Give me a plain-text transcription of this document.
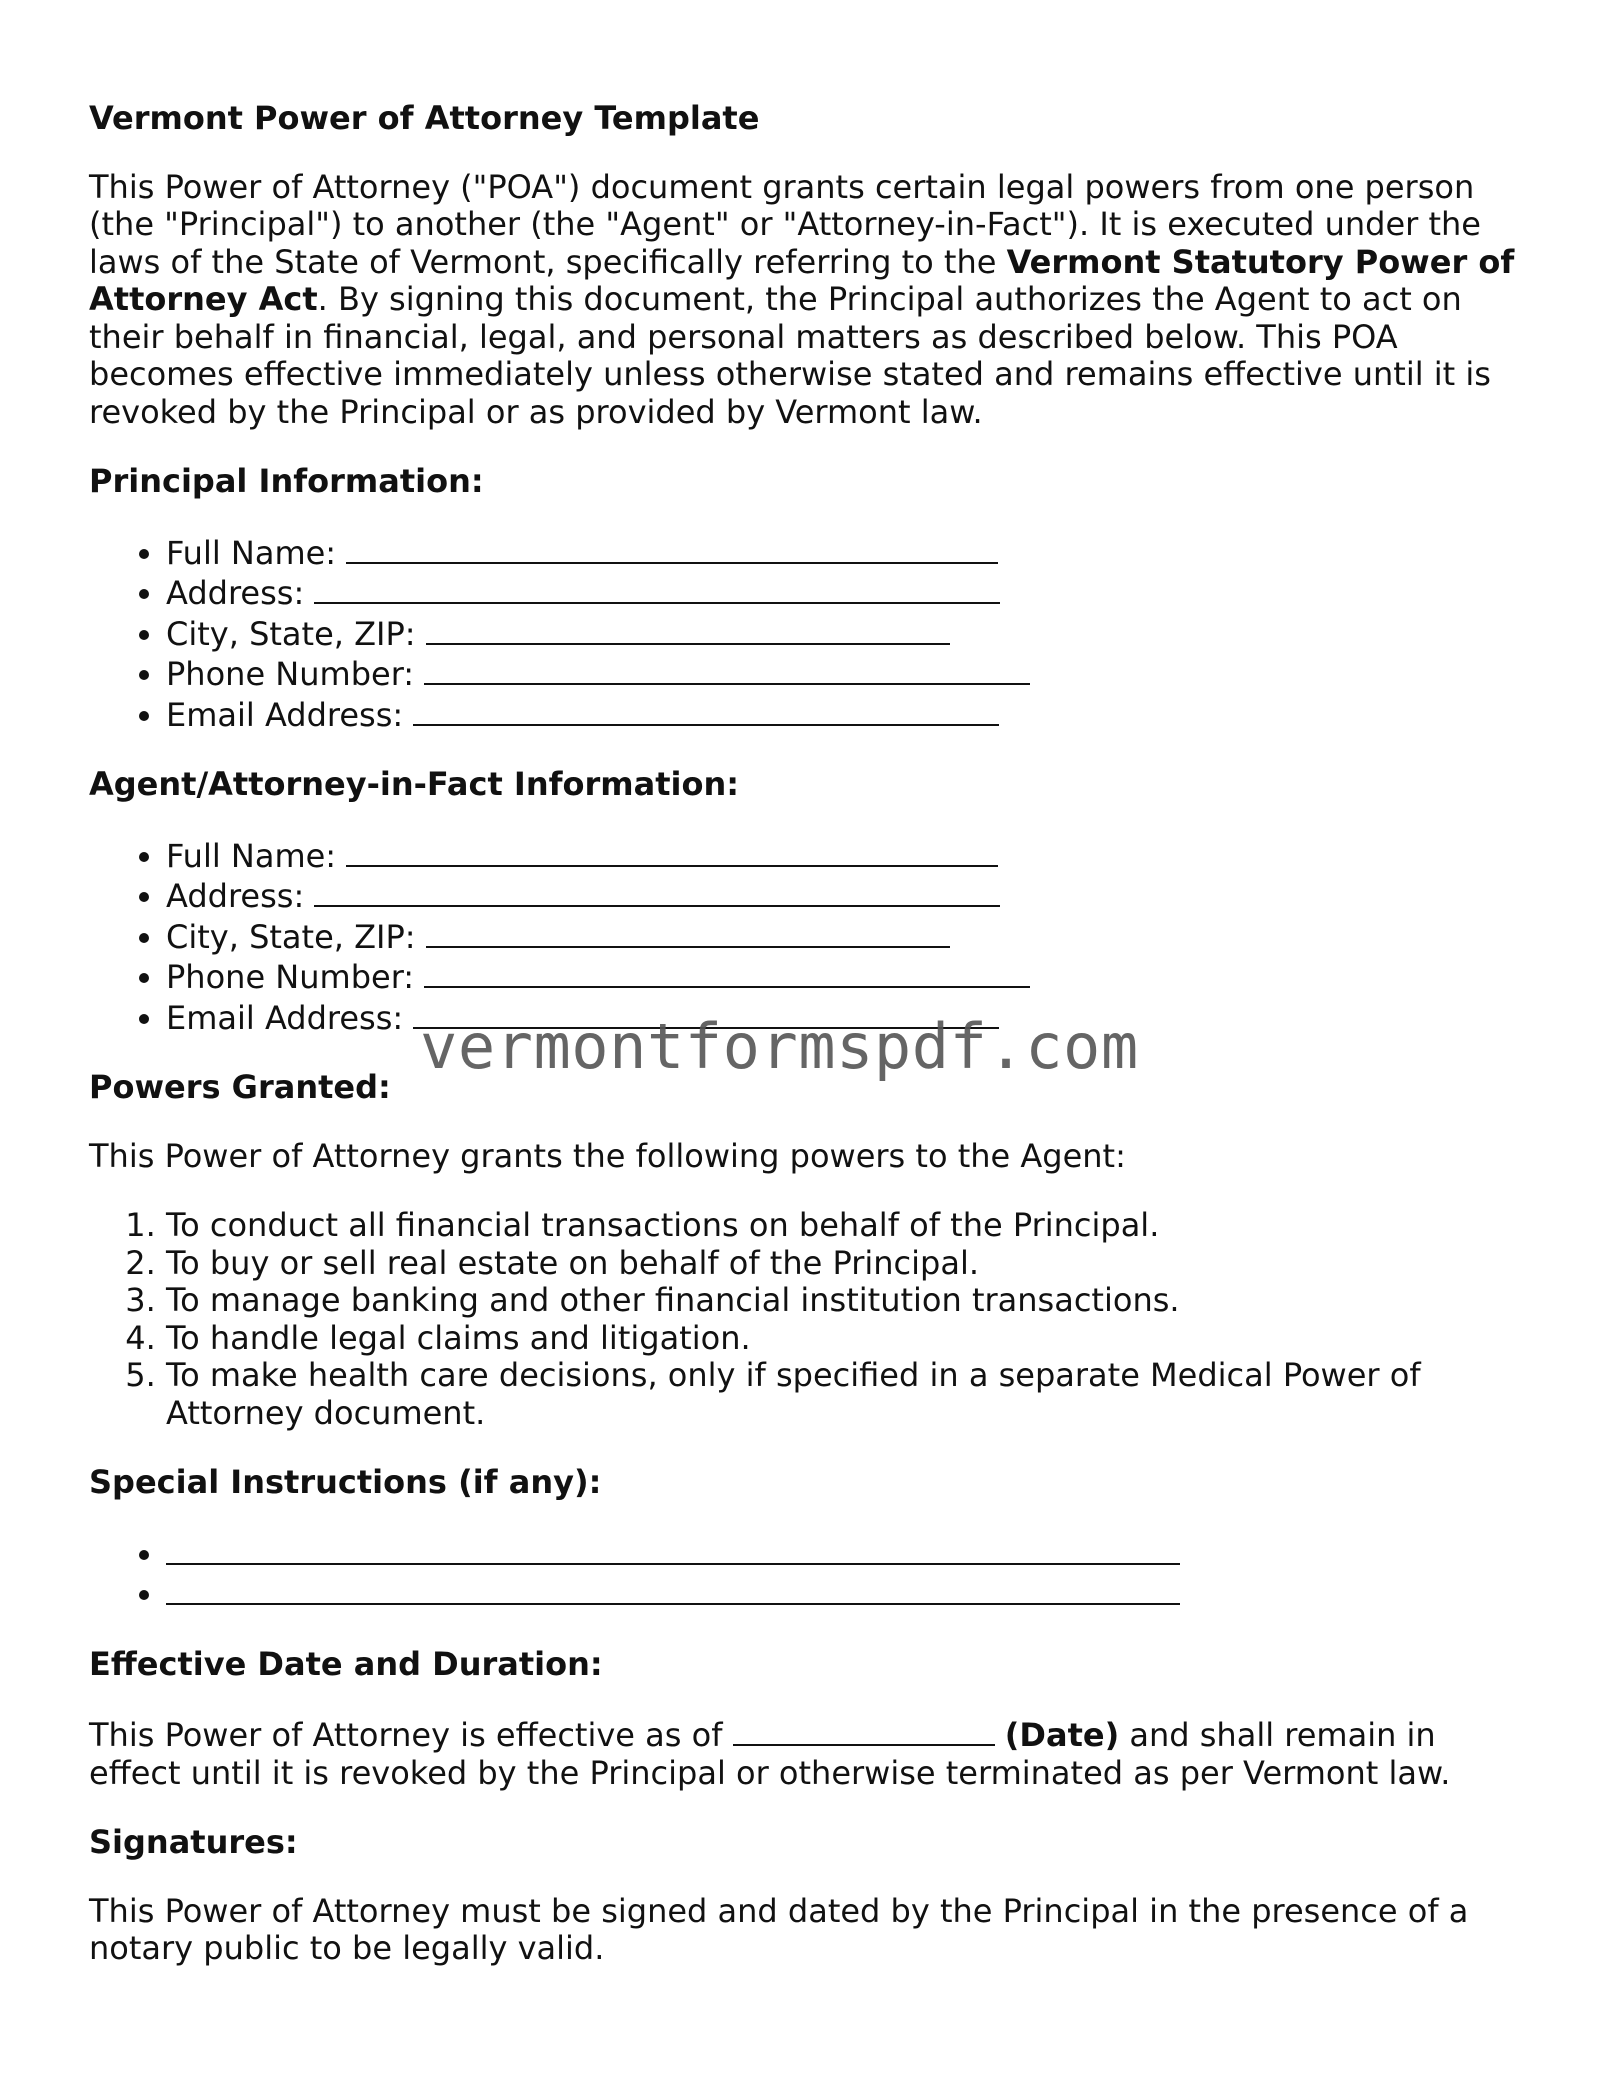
Vermont Power of Attorney Template

This Power of Attorney ("POA") document grants certain legal powers from one person (the "Principal") to another (the "Agent" or "Attorney-in-Fact"). It is executed under the laws of the State of Vermont, specifically referring to the Vermont Statutory Power of Attorney Act. By signing this document, the Principal authorizes the Agent to act on their behalf in financial, legal, and personal matters as described below. This POA becomes effective immediately unless otherwise stated and remains effective until it is revoked by the Principal or as provided by Vermont law.

Principal Information:
• Full Name:
• Address:
• City, State, ZIP:
• Phone Number:
• Email Address:
Agent/Attorney-in-Fact Information:
• Full Name:
• Address:
• City, State, ZIP:
• Phone Number:
• Email Address:
Powers Granted:

This Power of Attorney grants the following powers to the Agent:

1. To conduct all financial transactions on behalf of the Principal.
2. To buy or sell real estate on behalf of the Principal.
3. To manage banking and other financial institution transactions.
4. To handle legal claims and litigation.
5. To make health care decisions, only if specified in a separate Medical Power of Attorney document.
Special Instructions (if any):
•
•
Effective Date and Duration:

This Power of Attorney is effective as of	(Date) and shall remain in effect until it is revoked by the Principal or otherwise terminated as per Vermont law.

Signatures:

This Power of Attorney must be signed and dated by the Principal in the presence of a notary public to be legally valid.

vermontformspdf.com
